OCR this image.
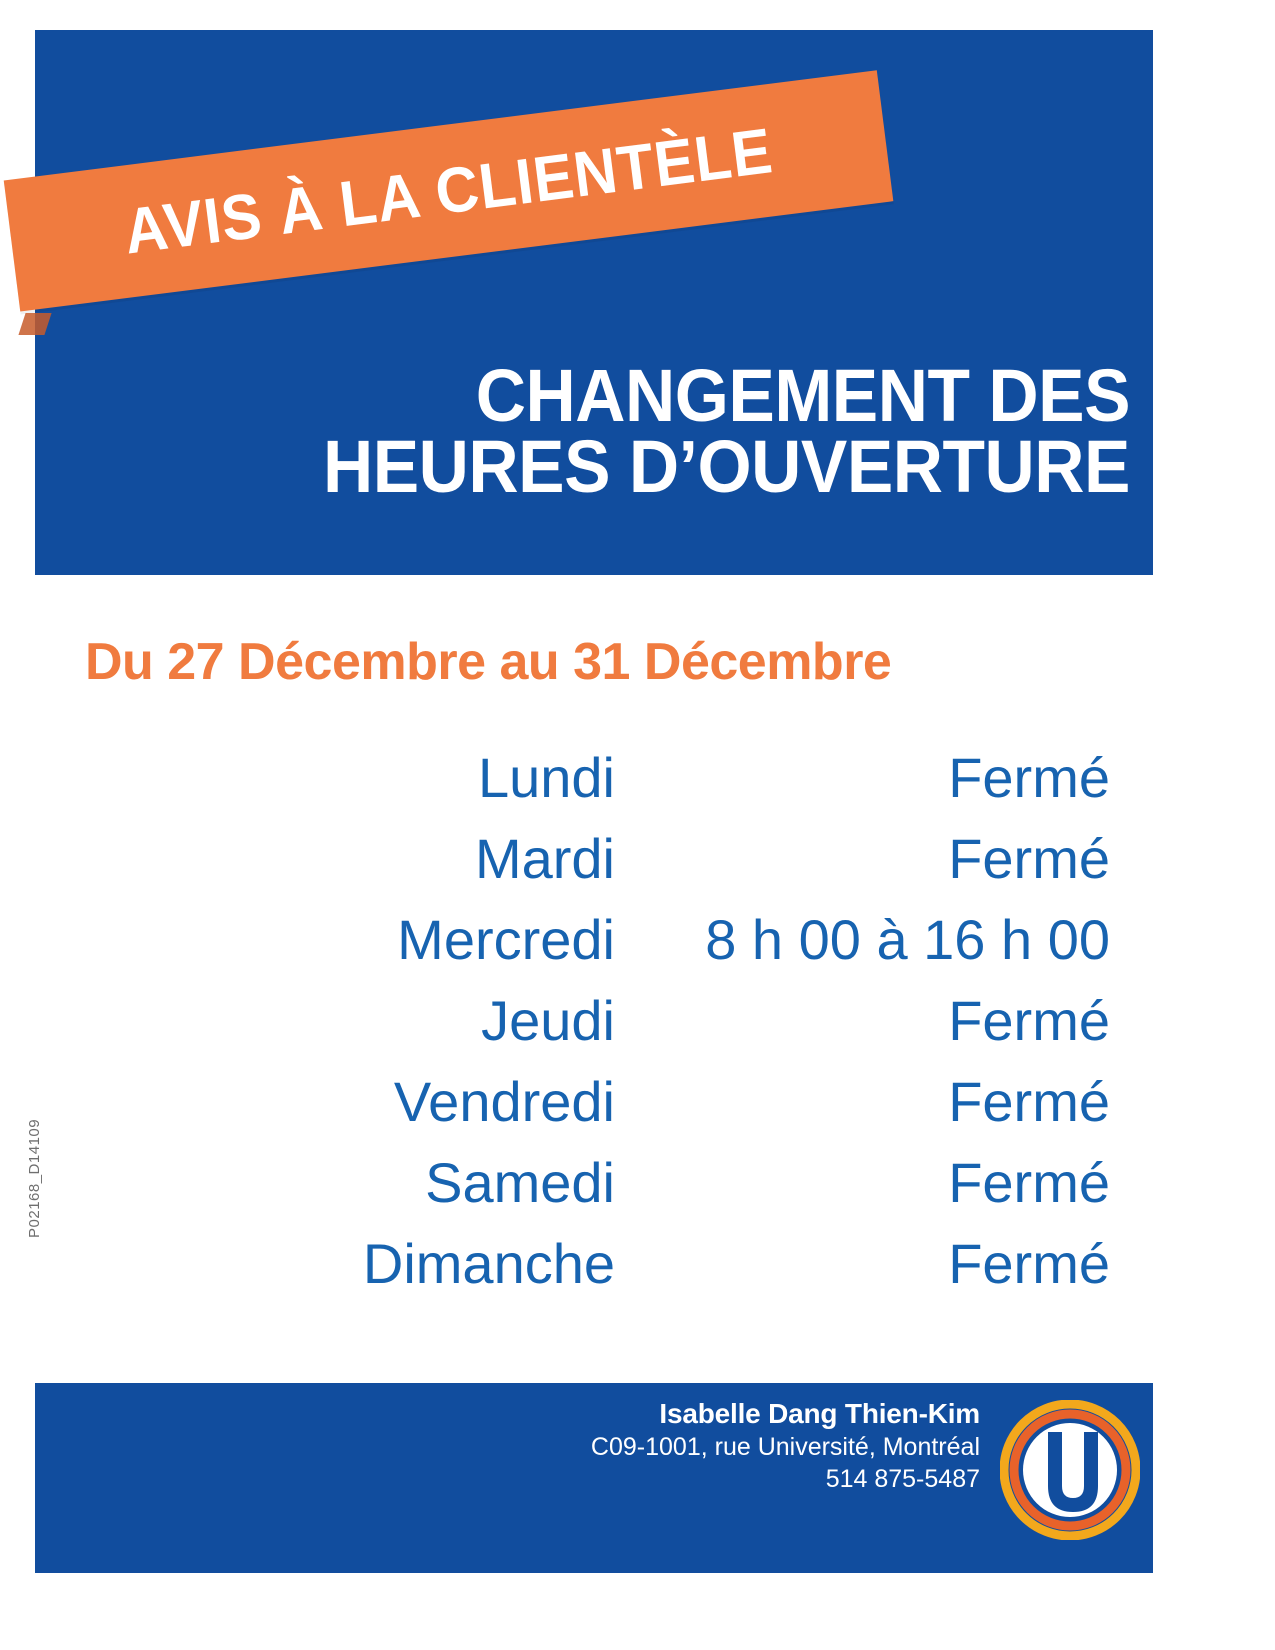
AVIS À LA CLIENTÈLE
CHANGEMENT DES
HEURES D’OUVERTURE
Du 27 Décembre au 31 Décembre
Lundi	Fermé
Mardi	Fermé
Mercredi	8 h 00 à 16 h 00
Jeudi	Fermé
Vendredi	Fermé
Samedi	Fermé
Dimanche	Fermé
P02168_D14109
Isabelle Dang Thien-Kim
C09-1001, rue Université, Montréal
514 875-5487
